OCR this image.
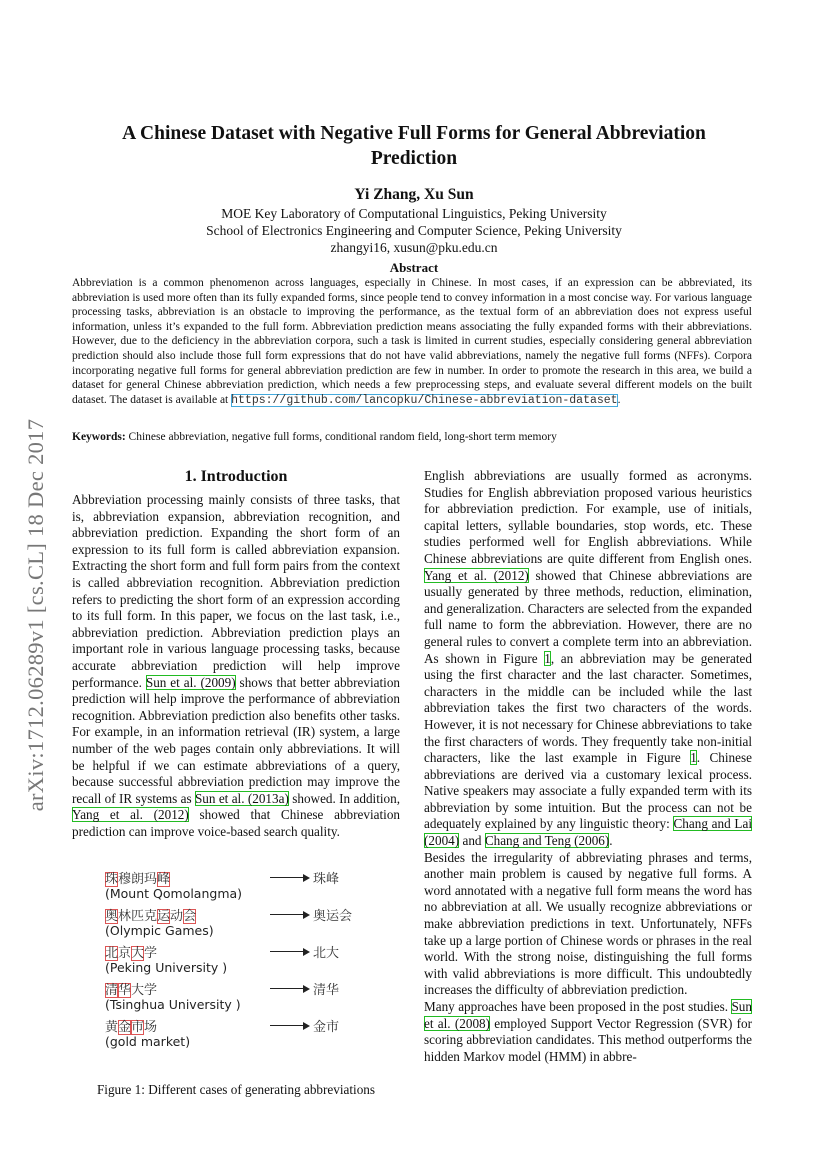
arXiv:1712.06289v1 [cs.CL] 18 Dec 2017
A Chinese Dataset with Negative Full Forms for General Abbreviation Prediction
Yi Zhang, Xu Sun
MOE Key Laboratory of Computational Linguistics, Peking University
School of Electronics Engineering and Computer Science, Peking University
zhangyi16, xusun@pku.edu.cn
Abstract
Abbreviation is a common phenomenon across languages, especially in Chinese. In most cases, if an expression can be abbreviated, its abbreviation is used more often than its fully expanded forms, since people tend to convey information in a most concise way. For various language processing tasks, abbreviation is an obstacle to improving the performance, as the textual form of an abbreviation does not express useful information, unless it’s expanded to the full form. Abbreviation prediction means associating the fully expanded forms with their abbreviations. However, due to the deficiency in the abbreviation corpora, such a task is limited in current studies, especially considering general abbreviation prediction should also include those full form expressions that do not have valid abbreviations, namely the negative full forms (NFFs). Corpora incorporating negative full forms for general abbreviation prediction are few in number. In order to promote the research in this area, we build a dataset for general Chinese abbreviation prediction, which needs a few preprocessing steps, and evaluate several different models on the built dataset. The dataset is available at https://github.com/lancopku/Chinese-abbreviation-dataset.
Keywords: Chinese abbreviation, negative full forms, conditional random field, long-short term memory
1. Introduction

Abbreviation processing mainly consists of three tasks, that is, abbreviation expansion, abbreviation recognition, and abbreviation prediction. Expanding the short form of an expression to its full form is called abbreviation expansion. Extracting the short form and full form pairs from the context is called abbreviation recognition. Abbreviation prediction refers to predicting the short form of an expression according to its full form. In this paper, we focus on the last task, i.e., abbreviation prediction. Abbreviation prediction plays an important role in various language processing tasks, because accurate abbreviation prediction will help improve performance. Sun et al. (2009) shows that better abbreviation prediction will help improve the performance of abbreviation recognition. Abbreviation prediction also benefits other tasks. For example, in an information retrieval (IR) system, a large number of the web pages contain only abbreviations. It will be helpful if we can estimate abbreviations of a query, because successful abbreviation prediction may improve the recall of IR systems as Sun et al. (2013a) showed. In addition, Yang et al. (2012) showed that Chinese abbreviation prediction can improve voice-based search quality.

珠穆朗玛峰
(Mount Qomolangma)
珠峰
奥林匹克运动会
(Olympic Games)
奥运会
北京大学
(Peking University )
北大
清华大学
(Tsinghua University )
清华
黄金市场
(gold market)
金市
Figure 1: Different cases of generating abbreviations

English abbreviations are usually formed as acronyms. Studies for English abbreviation proposed various heuristics for abbreviation prediction. For example, use of initials, capital letters, syllable boundaries, stop words, etc. These studies performed well for English abbreviations. While Chinese abbreviations are quite different from English ones. Yang et al. (2012) showed that Chinese abbreviations are usually generated by three methods, reduction, elimination, and generalization. Characters are selected from the expanded full name to form the abbreviation. However, there are no general rules to convert a complete term into an abbreviation. As shown in Figure 1, an abbreviation may be generated using the first character and the last character. Sometimes, characters in the middle can be included while the last abbreviation takes the first two characters of the words. However, it is not necessary for Chinese abbreviations to take the first characters of words. They frequently take non-initial characters, like the last example in Figure 1. Chinese abbreviations are derived via a customary lexical process. Native speakers may associate a fully expanded term with its abbreviation by some intuition. But the process can not be adequately explained by any linguistic theory: Chang and Lai (2004) and Chang and Teng (2006).

Besides the irregularity of abbreviating phrases and terms, another main problem is caused by negative full forms. A word annotated with a negative full form means the word has no abbreviation at all. We usually recognize abbreviations or make abbreviation predictions in text. Unfortunately, NFFs take up a large portion of Chinese words or phrases in the real world. With the strong noise, distinguishing the full forms with valid abbreviations is more difficult. This undoubtedly increases the difficulty of abbreviation prediction.

Many approaches have been proposed in the post studies. Sun et al. (2008) employed Support Vector Regression (SVR) for scoring abbreviation candidates. This method outperforms the hidden Markov model (HMM) in abbre-
